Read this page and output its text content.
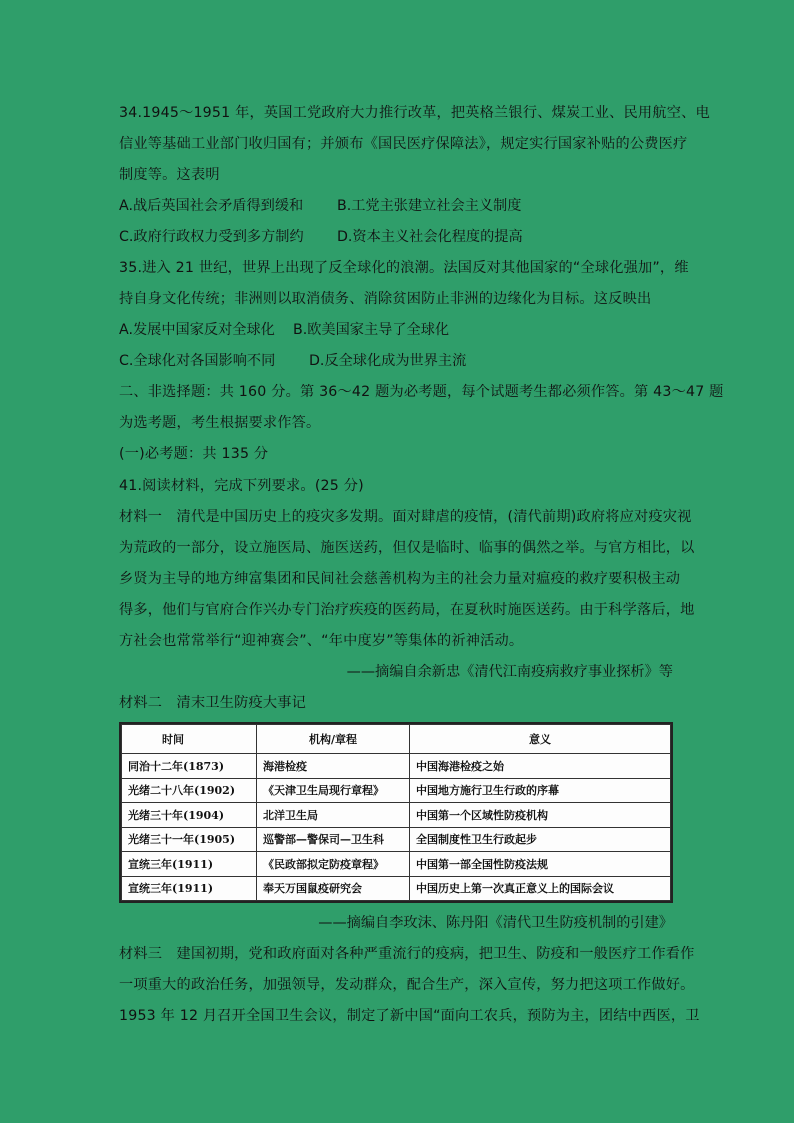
34.1945～1951 年，英国工党政府大力推行改革，把英格兰银行、煤炭工业、民用航空、电
信业等基础工业部门收归国有；并颁布《国民医疗保障法》，规定实行国家补贴的公费医疗
制度等。这表明
A.战后英国社会矛盾得到缓和 B.工党主张建立社会主义制度
C.政府行政权力受到多方制约 D.资本主义社会化程度的提高
35.进入 21 世纪，世界上出现了反全球化的浪潮。法国反对其他国家的“全球化强加”，维
持自身文化传统；非洲则以取消债务、消除贫困防止非洲的边缘化为目标。这反映出
A.发展中国家反对全球化 B.欧美国家主导了全球化
C.全球化对各国影响不同 D.反全球化成为世界主流
二、非选择题：共 160 分。第 36～42 题为必考题，每个试题考生都必须作答。第 43～47 题
为选考题，考生根据要求作答。
(一)必考题：共 135 分
41.阅读材料，完成下列要求。(25 分)
材料一　清代是中国历史上的疫灾多发期。面对肆虐的疫情，(清代前期)政府将应对疫灾视
为荒政的一部分，设立施医局、施医送药，但仅是临时、临事的偶然之举。与官方相比，以
乡贤为主导的地方绅富集团和民间社会慈善机构为主的社会力量对瘟疫的救疗要积极主动
得多，他们与官府合作兴办专门治疗疾疫的医药局，在夏秋时施医送药。由于科学落后，地
方社会也常常举行“迎神赛会”、“年中度岁”等集体的祈神活动。
——摘编自余新忠《清代江南疫病救疗事业探析》等
材料二　清末卫生防疫大事记
时间	机构/章程	意义
同治十二年(1873)	海港检疫	中国海港检疫之始
光绪二十八年(1902)	《天津卫生局现行章程》	中国地方施行卫生行政的序幕
光绪三十年(1904)	北洋卫生局	中国第一个区域性防疫机构
光绪三十一年(1905)	巡警部—警保司—卫生科	全国制度性卫生行政起步
宣统三年(1911)	《民政部拟定防疫章程》	中国第一部全国性防疫法规
宣统三年(1911)	奉天万国鼠疫研究会	中国历史上第一次真正意义上的国际会议
——摘编自李玫沫、陈丹阳《清代卫生防疫机制的引建》
材料三　建国初期，党和政府面对各种严重流行的疫病，把卫生、防疫和一般医疗工作看作
一项重大的政治任务，加强领导，发动群众，配合生产，深入宣传，努力把这项工作做好。
1953 年 12 月召开全国卫生会议，制定了新中国“面向工农兵，预防为主，团结中西医，卫
